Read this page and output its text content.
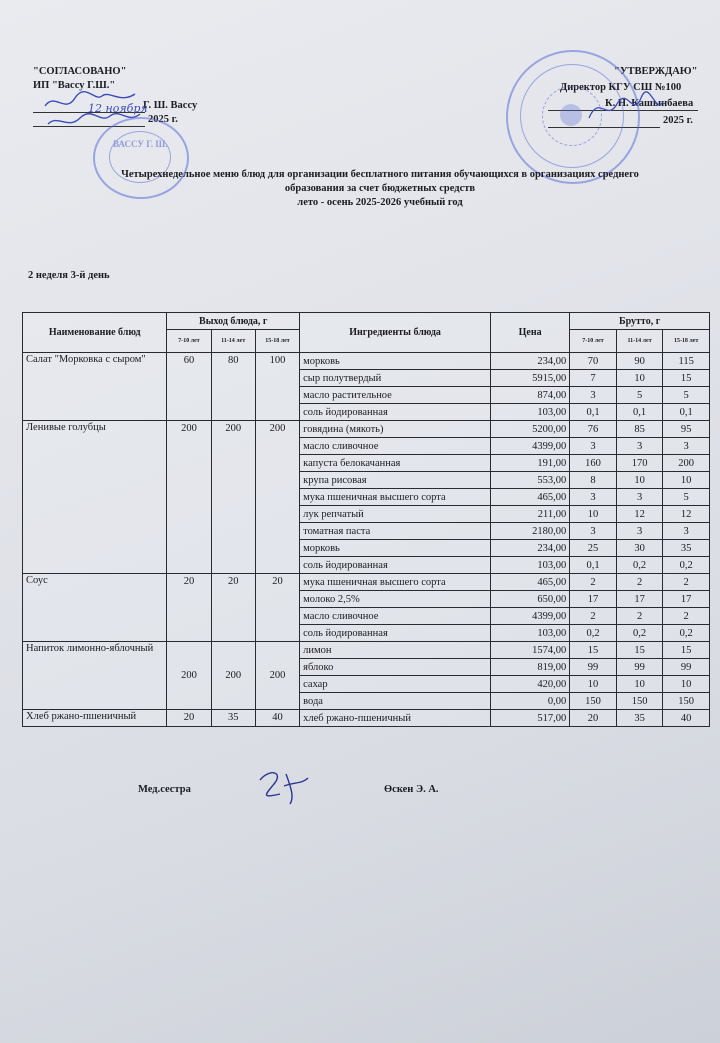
"СОГЛАСОВАНО"
ИП "Вассу Г.Ш."
Г. Ш. Вассу
2025 г.
12 ноября
ВАССУ Г. Ш.
"УТВЕРЖДАЮ"
Директор КГУ СШ №100
К. Н. Кашынбаева
2025 г.
Четырехнедельное меню блюд для организации бесплатного питания обучающихся в организациях среднего
образования за счет бюджетных средств
лето - осень 2025-2026 учебный год
2 неделя 3-й день
Наименование блюд	Выход блюда, г			Ингредиенты блюда	Цена	Брутто, г		
	7-10 лет	11-14 лет	15-18 лет			7-10 лет	11-14 лет	15-18 лет
Салат "Морковка с сыром"	60	80	100	морковь	234,00	70	90	115
				сыр полутвердый	5915,00	7	10	15
				масло растительное	874,00	3	5	5
				соль йодированная	103,00	0,1	0,1	0,1
Ленивые голубцы	200	200	200	говядина (мякоть)	5200,00	76	85	95
				масло сливочное	4399,00	3	3	3
				капуста белокачанная	191,00	160	170	200
				крупа рисовая	553,00	8	10	10
				мука пшеничная высшего сорта	465,00	3	3	5
				лук репчатый	211,00	10	12	12
				томатная паста	2180,00	3	3	3
				морковь	234,00	25	30	35
				соль йодированная	103,00	0,1	0,2	0,2
Соус	20	20	20	мука пшеничная высшего сорта	465,00	2	2	2
				молоко 2,5%	650,00	17	17	17
				масло сливочное	4399,00	2	2	2
				соль йодированная	103,00	0,2	0,2	0,2
Напиток лимонно-яблочный	200	200	200	лимон	1574,00	15	15	15
				яблоко	819,00	99	99	99
				сахар	420,00	10	10	10
				вода	0,00	150	150	150
Хлеб ржано-пшеничный	20	35	40	хлеб ржано-пшеничный	517,00	20	35	40
Мед.сестра	Өскен Э. А.
